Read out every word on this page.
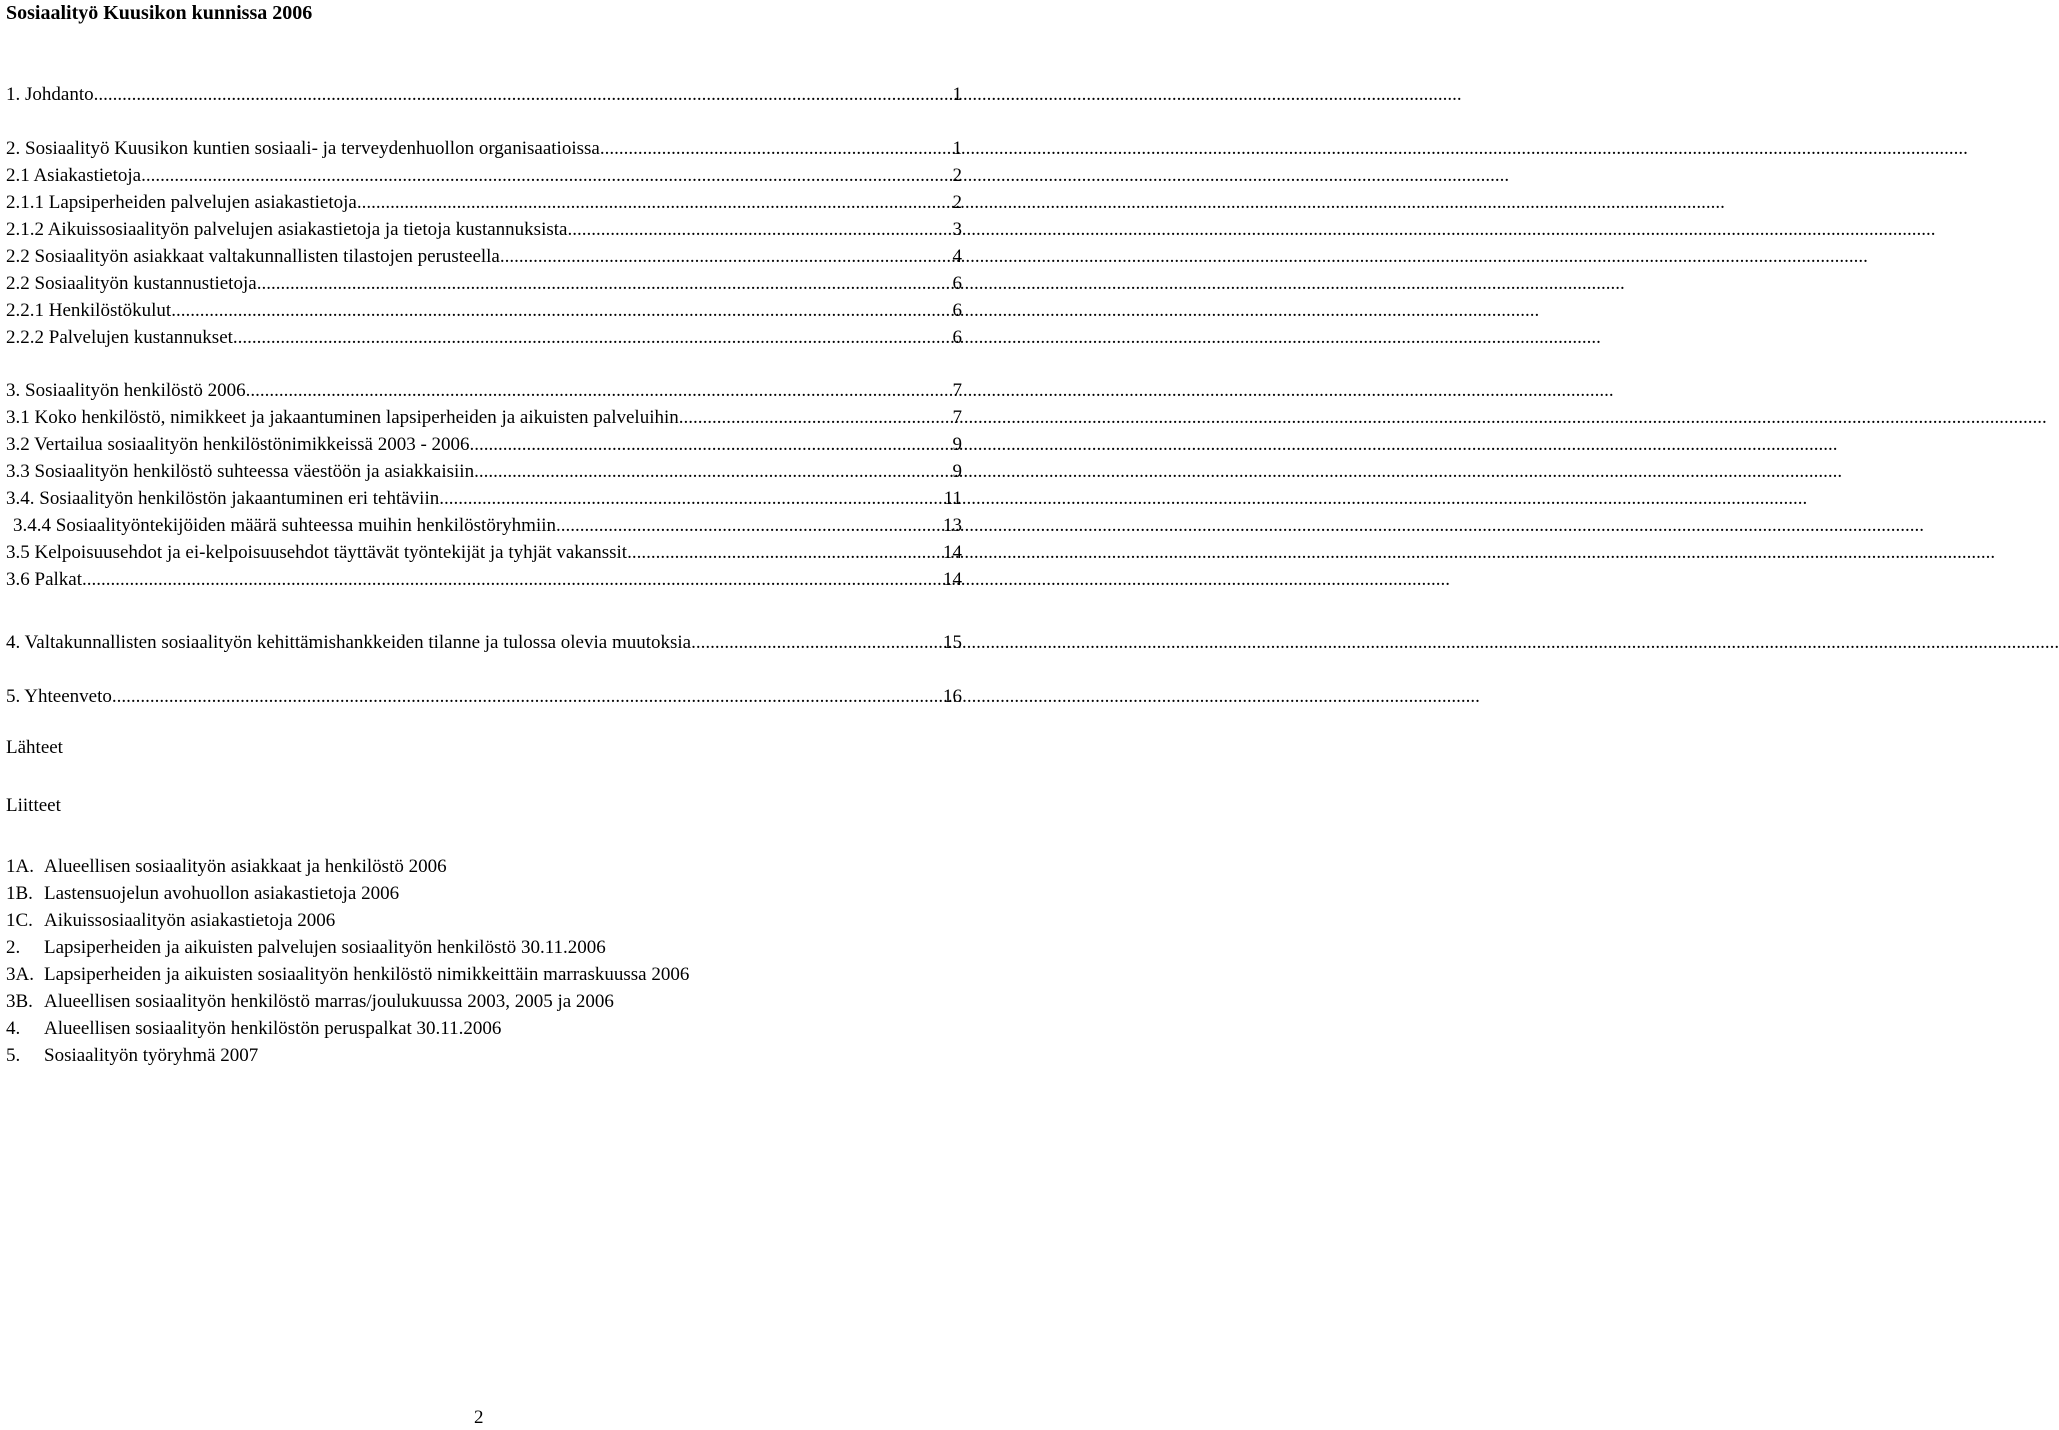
Sosiaalityö Kuusikon kunnissa 2006
1. Johdanto .....	1
2. Sosiaalityö Kuusikon kuntien sosiaali- ja terveydenhuollon organisaatioissa .....	1
2.1 Asiakastietoja .....	2
2.1.1 Lapsiperheiden palvelujen asiakastietoja .....	2
2.1.2 Aikuissosiaalityön palvelujen asiakastietoja ja tietoja kustannuksista .....	3
2.2 Sosiaalityön asiakkaat valtakunnallisten tilastojen perusteella .....	4
2.2 Sosiaalityön kustannustietoja .....	6
2.2.1 Henkilöstökulut .....	6
2.2.2 Palvelujen kustannukset .....	6
3. Sosiaalityön henkilöstö 2006 .....	7
3.1 Koko henkilöstö, nimikkeet ja jakaantuminen lapsiperheiden ja aikuisten palveluihin .....	7
3.2 Vertailua sosiaalityön henkilöstönimikkeissä 2003 - 2006 .....	9
3.3 Sosiaalityön henkilöstö suhteessa väestöön ja asiakkaisiin .....	9
3.4. Sosiaalityön henkilöstön jakaantuminen eri tehtäviin .....	11
3.4.4 Sosiaalityöntekijöiden määrä suhteessa muihin henkilöstöryhmiin .....	13
3.5 Kelpoisuusehdot ja ei-kelpoisuusehdot täyttävät työntekijät ja tyhjät vakanssit .....	14
3.6 Palkat .....	14
4. Valtakunnallisten sosiaalityön kehittämishankkeiden tilanne ja tulossa olevia muutoksia .....	15
5. Yhteenveto .....	16
Lähteet
Liitteet
1A. Alueellisen sosiaalityön asiakkaat ja henkilöstö 2006
1B. Lastensuojelun avohuollon asiakastietoja 2006
1C. Aikuissosiaalityön asiakastietoja 2006
2. Lapsiperheiden ja aikuisten palvelujen sosiaalityön henkilöstö 30.11.2006
3A. Lapsiperheiden ja aikuisten sosiaalityön henkilöstö nimikkeittäin marraskuussa 2006
3B. Alueellisen sosiaalityön henkilöstö marras/joulukuussa 2003, 2005 ja 2006
4. Alueellisen sosiaalityön henkilöstön peruspalkat 30.11.2006
5. Sosiaalityön työryhmä 2007
2
